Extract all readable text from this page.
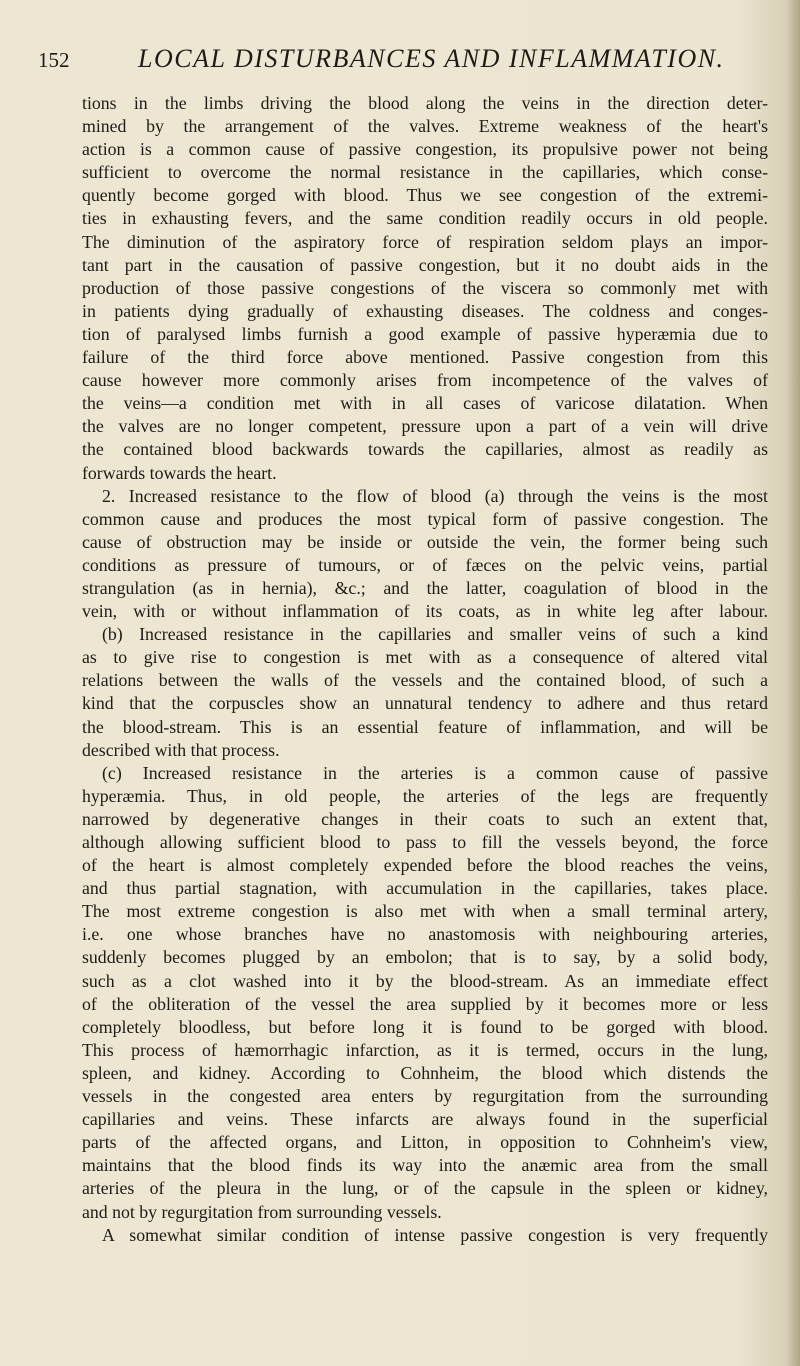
152	LOCAL DISTURBANCES AND INFLAMMATION.
tions in the limbs driving the blood along the veins in the direction deter-
mined by the arrangement of the valves. Extreme weakness of the heart's
action is a common cause of passive congestion, its propulsive power not being
sufficient to overcome the normal resistance in the capillaries, which conse-
quently become gorged with blood. Thus we see congestion of the extremi-
ties in exhausting fevers, and the same condition readily occurs in old people.
The diminution of the aspiratory force of respiration seldom plays an impor-
tant part in the causation of passive congestion, but it no doubt aids in the
production of those passive congestions of the viscera so commonly met with
in patients dying gradually of exhausting diseases. The coldness and conges-
tion of paralysed limbs furnish a good example of passive hyperæmia due to
failure of the third force above mentioned. Passive congestion from this
cause however more commonly arises from incompetence of the valves of
the veins—a condition met with in all cases of varicose dilatation. When
the valves are no longer competent, pressure upon a part of a vein will drive
the contained blood backwards towards the capillaries, almost as readily as
forwards towards the heart.
2. Increased resistance to the flow of blood (a) through the veins is the most
common cause and produces the most typical form of passive congestion. The
cause of obstruction may be inside or outside the vein, the former being such
conditions as pressure of tumours, or of fæces on the pelvic veins, partial
strangulation (as in hernia), &c.; and the latter, coagulation of blood in the
vein, with or without inflammation of its coats, as in white leg after labour.
(b) Increased resistance in the capillaries and smaller veins of such a kind
as to give rise to congestion is met with as a consequence of altered vital
relations between the walls of the vessels and the contained blood, of such a
kind that the corpuscles show an unnatural tendency to adhere and thus retard
the blood-stream. This is an essential feature of inflammation, and will be
described with that process.
(c) Increased resistance in the arteries is a common cause of passive
hyperæmia. Thus, in old people, the arteries of the legs are frequently
narrowed by degenerative changes in their coats to such an extent that,
although allowing sufficient blood to pass to fill the vessels beyond, the force
of the heart is almost completely expended before the blood reaches the veins,
and thus partial stagnation, with accumulation in the capillaries, takes place.
The most extreme congestion is also met with when a small terminal artery,
i.e. one whose branches have no anastomosis with neighbouring arteries,
suddenly becomes plugged by an embolon; that is to say, by a solid body,
such as a clot washed into it by the blood-stream. As an immediate effect
of the obliteration of the vessel the area supplied by it becomes more or less
completely bloodless, but before long it is found to be gorged with blood.
This process of hæmorrhagic infarction, as it is termed, occurs in the lung,
spleen, and kidney. According to Cohnheim, the blood which distends the
vessels in the congested area enters by regurgitation from the surrounding
capillaries and veins. These infarcts are always found in the superficial
parts of the affected organs, and Litton, in opposition to Cohnheim's view,
maintains that the blood finds its way into the anæmic area from the small
arteries of the pleura in the lung, or of the capsule in the spleen or kidney,
and not by regurgitation from surrounding vessels.
A somewhat similar condition of intense passive congestion is very frequently
